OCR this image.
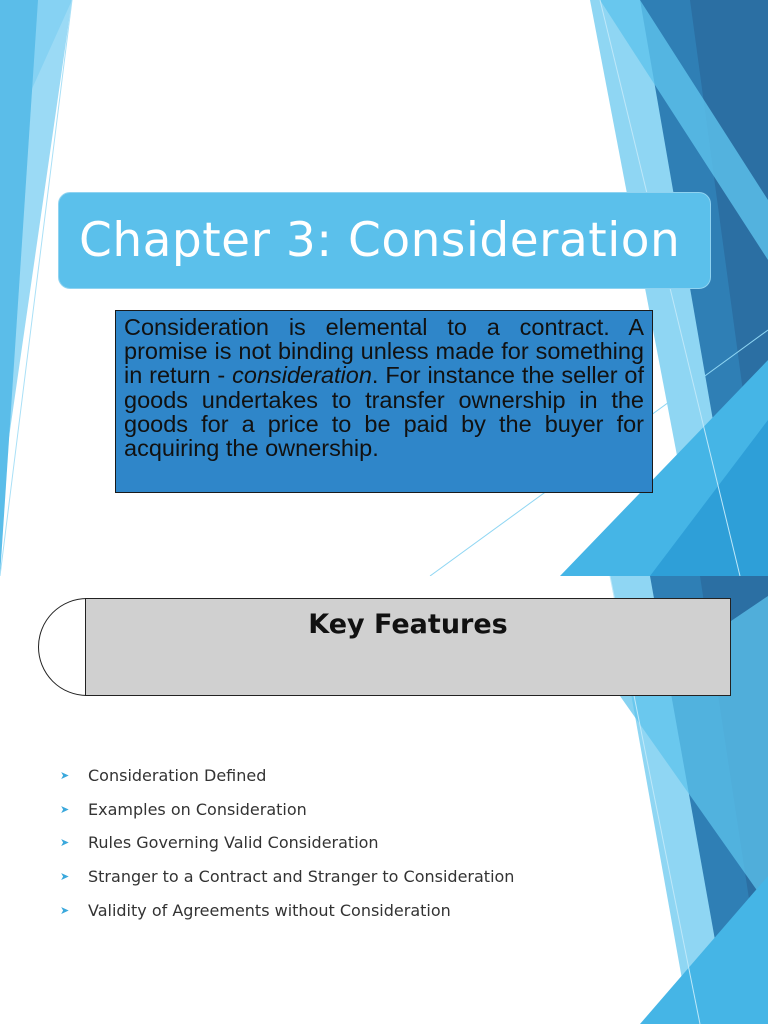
Chapter 3: Consideration
Consideration is elemental to a contract. A promise is not binding unless made for something in return - consideration. For instance the seller of goods undertakes to transfer ownership in the goods for a price to be paid by the buyer for acquiring the ownership.
Key Features
➤	Consideration Defined
➤	Examples on Consideration
➤	Rules Governing Valid Consideration
➤	Stranger to a Contract and Stranger to Consideration
➤	Validity of Agreements without Consideration
